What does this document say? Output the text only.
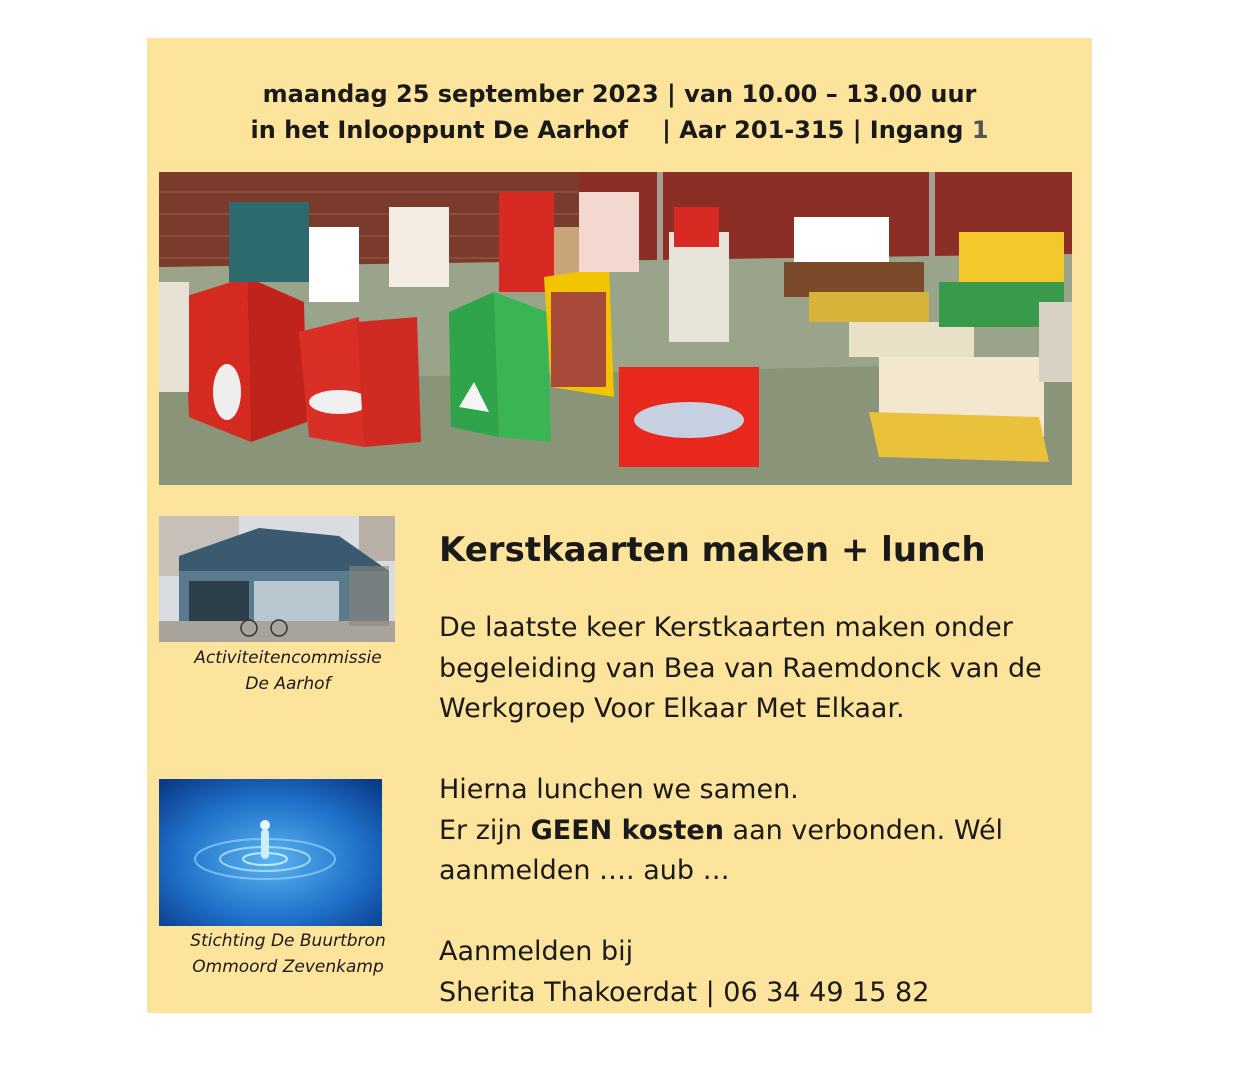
maandag 25 september 2023 | van 10.00 – 13.00 uur
in het Inlooppunt De Aarhof | Aar 201-315 | Ingang 1
Activiteitencommissie
De Aarhof
Stichting De Buurtbron
Ommoord Zevenkamp
Kerstkaarten maken + lunch

De laatste keer Kerstkaarten maken onder

begeleiding van Bea van Raemdonck van de

Werkgroep Voor Elkaar Met Elkaar.

Hierna lunchen we samen.

Er zijn GEEN kosten aan verbonden. Wél

aanmelden …. aub …

Aanmelden bij

Sherita Thakoerdat | 06 34 49 15 82
